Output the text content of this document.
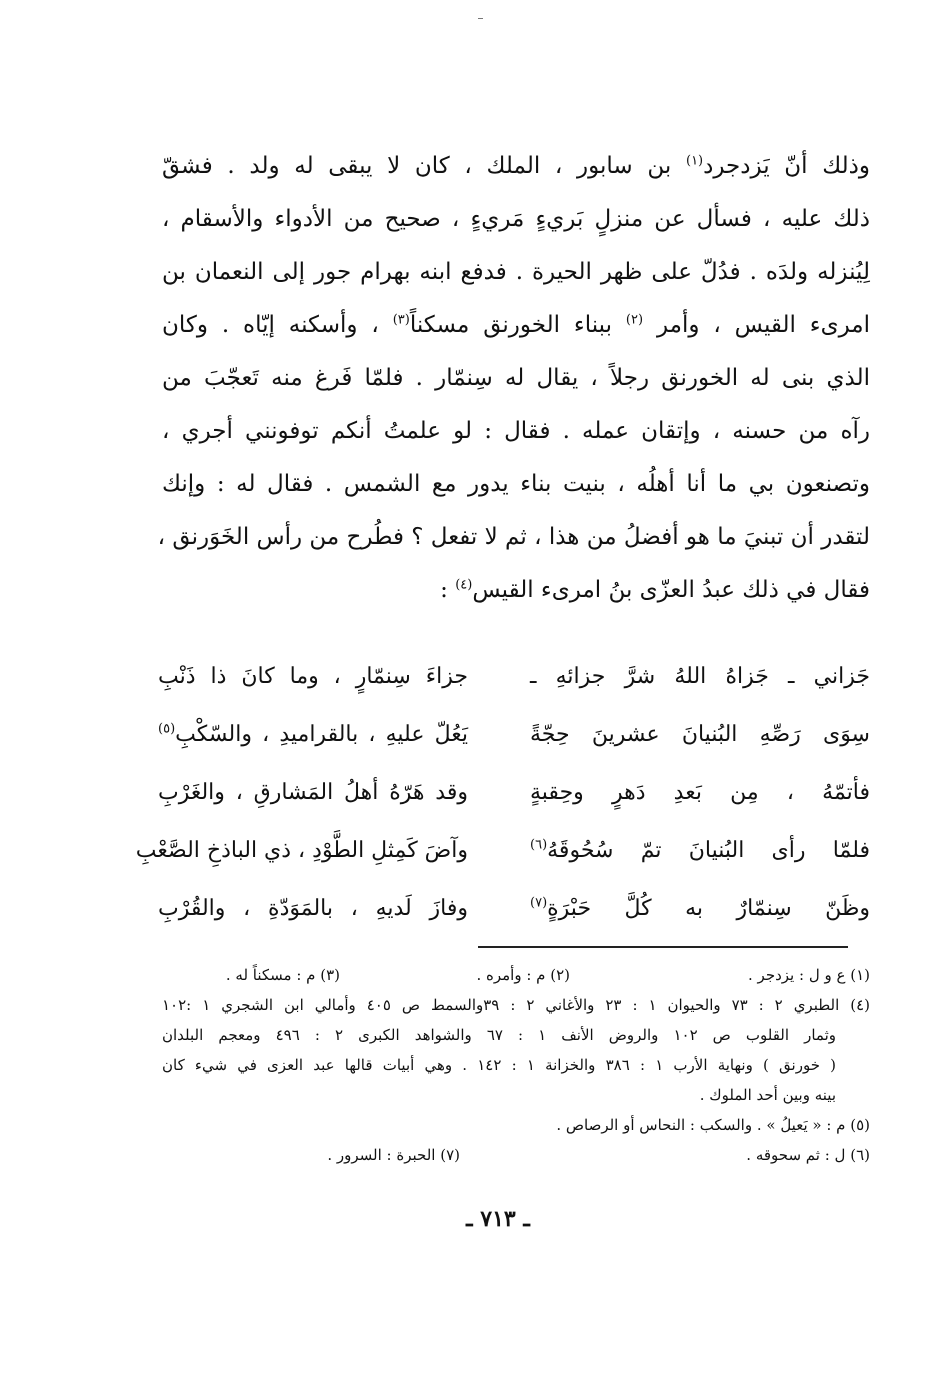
وذلك أنّ يَزدجرد$^{(١)}$ بن سابور ، الملك ، كان لا يبقى له ولد . فشقّ
ذلك عليه ، فسأل عن منزلٍ بَريءٍ مَريءٍ ، صحيح من الأدواء والأسقام ،
لِيُنزله ولدَه . فدُلّ على ظهر الحيرة . فدفع ابنه بهرام جور إلى النعمان بن
امرىء القيس ، وأمر $^{(٢)}$ ببناء الخورنق مسكناً$^{(٣)}$ ، وأسكنه إيّاه . وكان
الذي بنى له الخورنق رجلاً ، يقال له سِنمّار . فلمّا فَرغ منه تَعجّبَ من
رآه من حسنه ، وإتقان عمله . فقال : لو علمتُ أنكم توفونني أجري ،
وتصنعون بي ما أنا أهلُه ، بنيت بناء يدور مع الشمس . فقال له : وإنك
لتقدر أن تبنيَ ما هو أفضلُ من هذا ، ثم لا تفعل ؟ فطُرح من رأس الخَوَرنق ،
فقال في ذلك عبدُ العزّى بنُ امرىء القيس$^{(٤)}$ :
جَزاني ـ جَزاهُ اللهُ شرَّ جزائهِ ـ
جزاءَ سِنمّارٍ ، وما كانَ ذا ذَنْبِ
سِوَى رَصِّهِ البُنيانَ عشرينَ حِجّةً
يَعُلّ عليهِ ، بالقراميدِ ، والسّكْبِ$^{(٥)}$
فأتمّهُ ، مِن بَعدِ دَهرٍ وحِقبةٍ
وقد هَرّهُ أهلُ المَشارقِ ، والغَرْبِ
فلمّا رأى البُنيانَ تمّ سُحُوقَهُ$^{(٦)}$
وآضَ كَمِثلِ الطَّوْدِ ، ذي الباذخِ الصَّعْبِ
وظَنّ سِنمّارٌ به كُلَّ حَبْرَةٍ$^{(٧)}$
وفازَ لَديهِ ، بالمَوَدّةِ ، والقُرْبِ
(١) ع و ل : يزدجر .
(٢) م : وأمره .
(٣) م : مسكناً له .
(٤) الطبري ٢ : ٧٣ والحيوان ١ : ٢٣ والأغاني ٢ : ٣٩والسمط ص ٤٠٥ وأمالي ابن الشجري ١ :١٠٢
وثمار القلوب ص ١٠٢ والروض الأنف ١ : ٦٧ والشواهد الكبرى ٢ : ٤٩٦ ومعجم البلدان
( خورنق ) ونهاية الأرب ١ : ٣٨٦ والخزانة ١ : ١٤٢ . وهي أبيات قالها عبد العزى في شيء كان
بينه وبين أحد الملوك .
(٥) م : « يَعيلُ » . والسكب : النحاس أو الرصاص .
(٦) ل : ثم سحوقه .
(٧) الحبرة : السرور .
ـ ٧١٣ ـ
